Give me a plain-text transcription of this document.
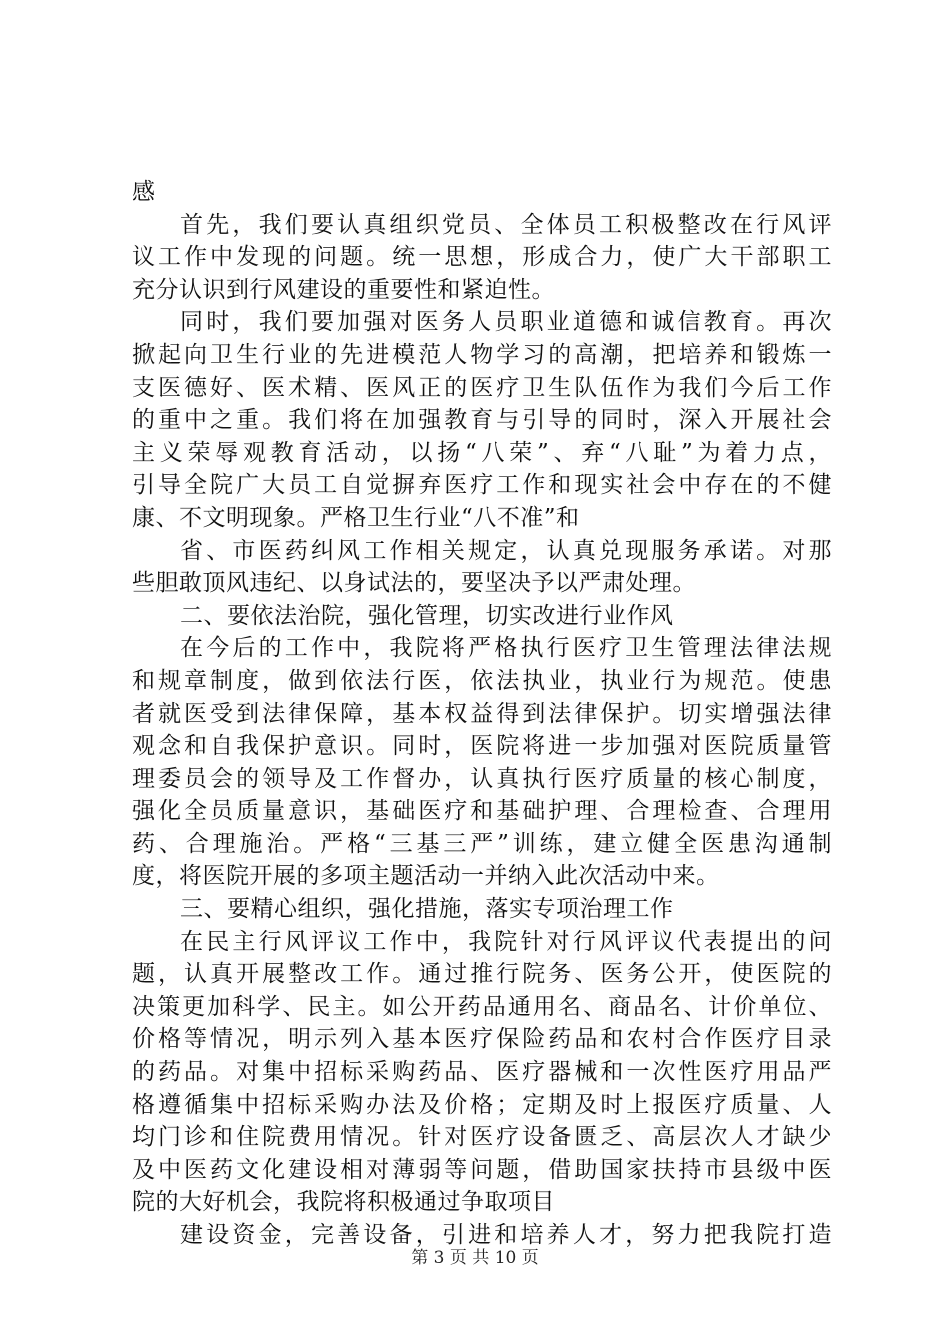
感
首先，我们要认真组织党员、全体员工积极整改在行风评
议工作中发现的问题。统一思想，形成合力，使广大干部职工
充分认识到行风建设的重要性和紧迫性。
同时，我们要加强对医务人员职业道德和诚信教育。再次
掀起向卫生行业的先进模范人物学习的高潮，把培养和锻炼一
支医德好、医术精、医风正的医疗卫生队伍作为我们今后工作
的重中之重。我们将在加强教育与引导的同时，深入开展社会
主义荣辱观教育活动，以扬“八荣”、弃“八耻”为着力点，
引导全院广大员工自觉摒弃医疗工作和现实社会中存在的不健
康、不文明现象。严格卫生行业“八不准”和
省、市医药纠风工作相关规定，认真兑现服务承诺。对那
些胆敢顶风违纪、以身试法的，要坚决予以严肃处理。
二、要依法治院，强化管理，切实改进行业作风
在今后的工作中，我院将严格执行医疗卫生管理法律法规
和规章制度，做到依法行医，依法执业，执业行为规范。使患
者就医受到法律保障，基本权益得到法律保护。切实增强法律
观念和自我保护意识。同时，医院将进一步加强对医院质量管
理委员会的领导及工作督办，认真执行医疗质量的核心制度，
强化全员质量意识，基础医疗和基础护理、合理检查、合理用
药、合理施治。严格“三基三严”训练，建立健全医患沟通制
度，将医院开展的多项主题活动一并纳入此次活动中来。
三、要精心组织，强化措施，落实专项治理工作
在民主行风评议工作中，我院针对行风评议代表提出的问
题，认真开展整改工作。通过推行院务、医务公开，使医院的
决策更加科学、民主。如公开药品通用名、商品名、计价单位、
价格等情况，明示列入基本医疗保险药品和农村合作医疗目录
的药品。对集中招标采购药品、医疗器械和一次性医疗用品严
格遵循集中招标采购办法及价格；定期及时上报医疗质量、人
均门诊和住院费用情况。针对医疗设备匮乏、高层次人才缺少
及中医药文化建设相对薄弱等问题，借助国家扶持市县级中医
院的大好机会，我院将积极通过争取项目
建设资金，完善设备，引进和培养人才，努力把我院打造
第 3 页 共 10 页
